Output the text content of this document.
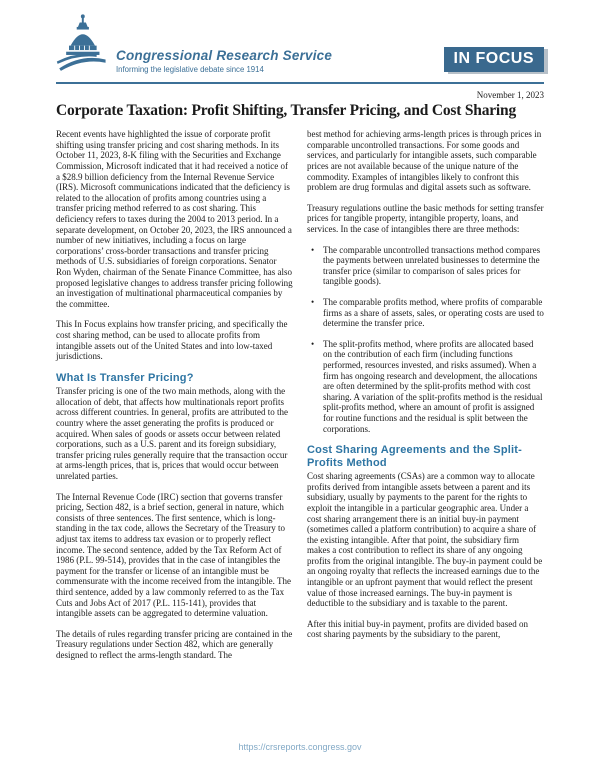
Congressional Research Service
Informing the legislative debate since 1914
IN FOCUS
November 1, 2023
Corporate Taxation: Profit Shifting, Transfer Pricing, and Cost Sharing
Recent events have highlighted the issue of corporate profit shifting using transfer pricing and cost sharing methods. In its October 11, 2023, 8-K filing with the Securities and Exchange Commission, Microsoft indicated that it had received a notice of a $28.9 billion deficiency from the Internal Revenue Service (IRS). Microsoft communications indicated that the deficiency is related to the allocation of profits among countries using a transfer pricing method referred to as cost sharing. This deficiency refers to taxes during the 2004 to 2013 period. In a separate development, on October 20, 2023, the IRS announced a number of new initiatives, including a focus on large corporations’ cross-border transactions and transfer pricing methods of U.S. subsidiaries of foreign corporations. Senator Ron Wyden, chairman of the Senate Finance Committee, has also proposed legislative changes to address transfer pricing following an investigation of multinational pharmaceutical companies by the committee.
This In Focus explains how transfer pricing, and specifically the cost sharing method, can be used to allocate profits from intangible assets out of the United States and into low-taxed jurisdictions.
What Is Transfer Pricing?
Transfer pricing is one of the two main methods, along with the allocation of debt, that affects how multinationals report profits across different countries. In general, profits are attributed to the country where the asset generating the profits is produced or acquired. When sales of goods or assets occur between related corporations, such as a U.S. parent and its foreign subsidiary, transfer pricing rules generally require that the transaction occur at arms-length prices, that is, prices that would occur between unrelated parties.
The Internal Revenue Code (IRC) section that governs transfer pricing, Section 482, is a brief section, general in nature, which consists of three sentences. The first sentence, which is long-standing in the tax code, allows the Secretary of the Treasury to adjust tax items to address tax evasion or to properly reflect income. The second sentence, added by the Tax Reform Act of 1986 (P.L. 99-514), provides that in the case of intangibles the payment for the transfer or license of an intangible must be commensurate with the income received from the intangible. The third sentence, added by a law commonly referred to as the Tax Cuts and Jobs Act of 2017 (P.L. 115-141), provides that intangible assets can be aggregated to determine valuation.
The details of rules regarding transfer pricing are contained in the Treasury regulations under Section 482, which are generally designed to reflect the arms-length standard. The
best method for achieving arms-length prices is through prices in comparable uncontrolled transactions. For some goods and services, and particularly for intangible assets, such comparable prices are not available because of the unique nature of the commodity. Examples of intangibles likely to confront this problem are drug formulas and digital assets such as software.
Treasury regulations outline the basic methods for setting transfer prices for tangible property, intangible property, loans, and services. In the case of intangibles there are three methods:
• The comparable uncontrolled transactions method compares the payments between unrelated businesses to determine the transfer price (similar to comparison of sales prices for tangible goods).
• The comparable profits method, where profits of comparable firms as a share of assets, sales, or operating costs are used to determine the transfer price.
• The split-profits method, where profits are allocated based on the contribution of each firm (including functions performed, resources invested, and risks assumed). When a firm has ongoing research and development, the allocations are often determined by the split-profits method with cost sharing. A variation of the split-profits method is the residual split-profits method, where an amount of profit is assigned for routine functions and the residual is split between the corporations.
Cost Sharing Agreements and the Split-Profits Method
Cost sharing agreements (CSAs) are a common way to allocate profits derived from intangible assets between a parent and its subsidiary, usually by payments to the parent for the rights to exploit the intangible in a particular geographic area. Under a cost sharing arrangement there is an initial buy-in payment (sometimes called a platform contribution) to acquire a share of the existing intangible. After that point, the subsidiary firm makes a cost contribution to reflect its share of any ongoing profits from the original intangible. The buy-in payment could be an ongoing royalty that reflects the increased earnings due to the intangible or an upfront payment that would reflect the present value of those increased earnings. The buy-in payment is deductible to the subsidiary and is taxable to the parent.
After this initial buy-in payment, profits are divided based on cost sharing payments by the subsidiary to the parent,
https://crsreports.congress.gov
